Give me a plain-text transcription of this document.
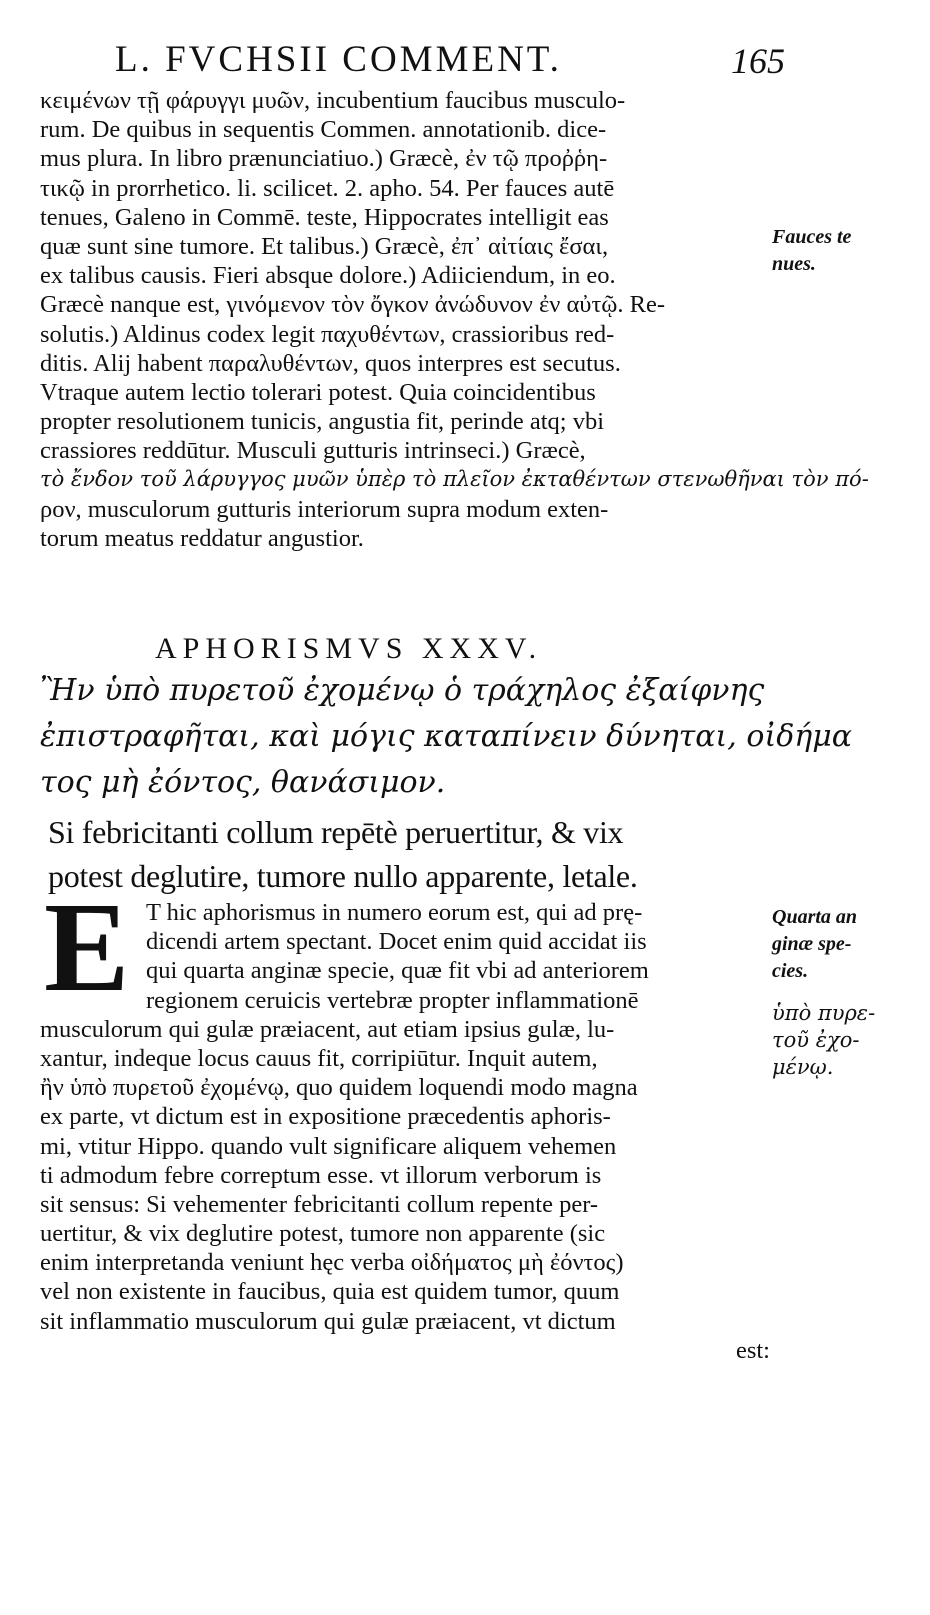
L. FVCHSII COMMENT.	165
κειμένων τῇ φάρυγγι μυῶν, incubentium faucibus musculo-
rum. De quibus in sequentis Commen. annotationib. dice-
mus plura. In libro prænunciatiuo.) Græcè, ἐν τῷ προῤῥη-
τικῷ in prorrhetico. li. scilicet. 2. apho. 54. Per fauces autē
tenues, Galeno in Commē. teste, Hippocrates intelligit eas
quæ sunt sine tumore. Et talibus.) Græcè, ἐπ᾽ αἰτίαις ἔσαι,
ex talibus causis. Fieri absque dolore.) Adiiciendum, in eo.
Græcè nanque est, γινόμενον τὸν ὄγκον ἀνώδυνον ἐν αὐτῷ. Re-
solutis.) Aldinus codex legit παχυθέντων, crassioribus red-
ditis. Alij habent παραλυθέντων, quos interpres est secutus.
Vtraque autem lectio tolerari potest. Quia coincidentibus
propter resolutionem tunicis, angustia fit, perinde atq; vbi
crassiores reddūtur. Musculi gutturis intrinseci.) Græcè,
τὸ ἔνδον τοῦ λάρυγγος μυῶν ὑπὲρ τὸ πλεῖον ἐκταθέντων στενωθῆναι τὸν πό-
ρον, musculorum gutturis interiorum supra modum exten-
torum meatus reddatur angustior.
Fauces te
nues.
APHORISMVS XXXV.
Ἢν ὑπὸ πυρετοῦ ἐχομένῳ ὁ τράχηλος ἐξαίφνης
ἐπιστραφῆται, καὶ μόγις καταπίνειν δύνηται, οἰδήμα
τος μὴ ἐόντος, θανάσιμον.
Si febricitanti collum repētè peruertitur, & vix
potest deglutire, tumore nullo apparente, letale.
E T hic aphorismus in numero eorum est, qui ad prę-
dicendi artem spectant. Docet enim quid accidat iis
qui quarta anginæ specie, quæ fit vbi ad anteriorem
regionem ceruicis vertebræ propter inflammationē
musculorum qui gulæ præiacent, aut etiam ipsius gulæ, lu-
xantur, indeque locus cauus fit, corripiūtur. Inquit autem,
ἢν ὑπὸ πυρετοῦ ἐχομένῳ, quo quidem loquendi modo magna
ex parte, vt dictum est in expositione præcedentis aphoris-
mi, vtitur Hippo. quando vult significare aliquem vehemen
ti admodum febre correptum esse. vt illorum verborum is
sit sensus: Si vehementer febricitanti collum repente per-
uertitur, & vix deglutire potest, tumore non apparente (sic
enim interpretanda veniunt hęc verba οἰδήματος μὴ ἐόντος)
vel non existente in faucibus, quia est quidem tumor, quum
sit inflammatio musculorum qui gulæ præiacent, vt dictum
est:
Quarta an
ginæ spe-
cies.
ὑπὸ πυρε-
τοῦ ἐχο-
μένῳ.
